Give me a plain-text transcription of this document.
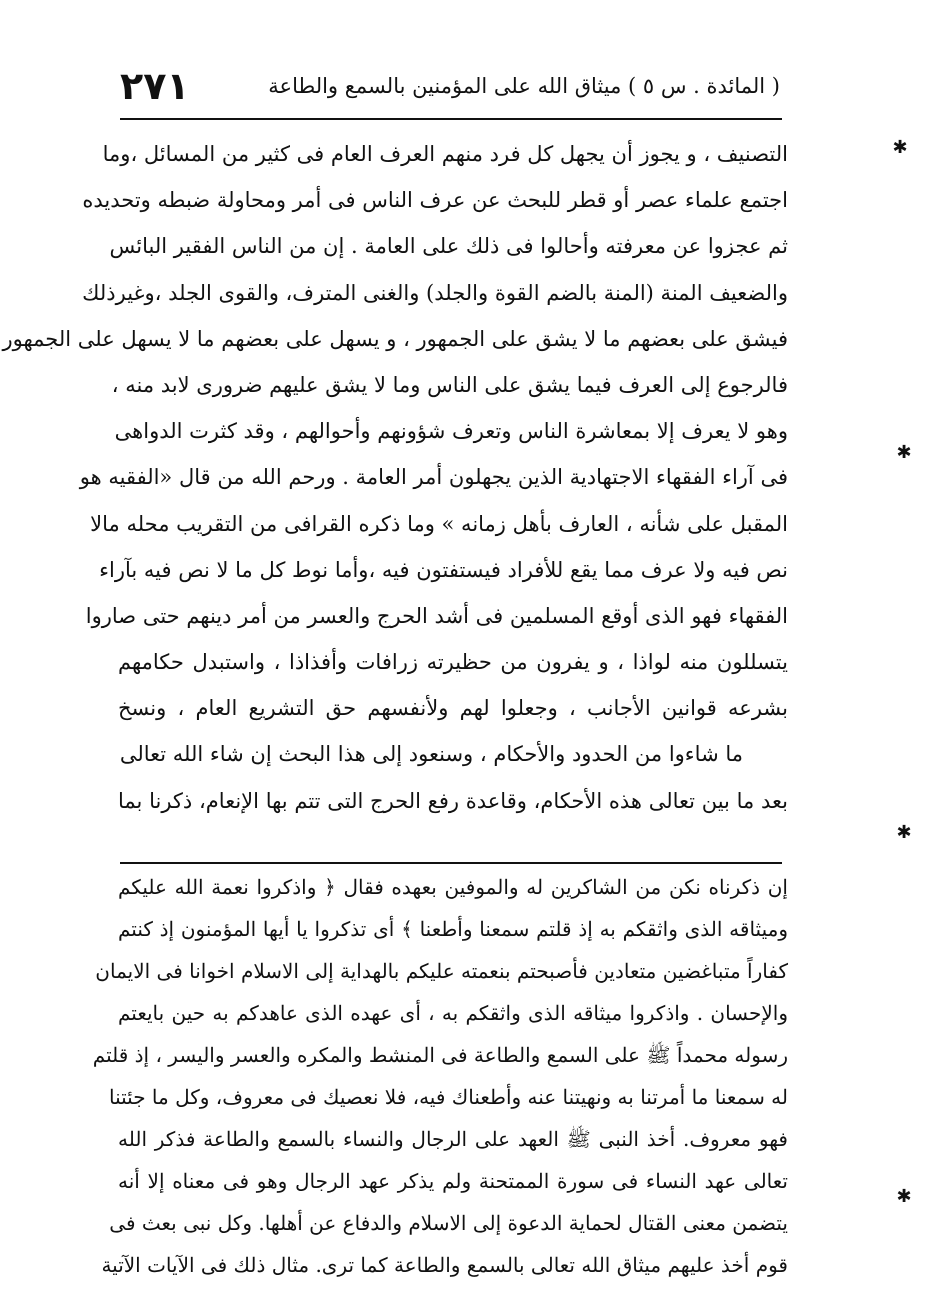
( المائدة . س ٥ ) ميثاق الله على المؤمنين بالسمع والطاعة
٢٧١
التصنيف ، و يجوز أن يجهل كل فرد منهم العرف العام فى كثير من المسائل ،وما
اجتمع علماء عصر أو قطر للبحث عن عرف الناس فى أمر ومحاولة ضبطه وتحديده
ثم عجزوا عن معرفته وأحالوا فى ذلك على العامة . إن من الناس الفقير البائس
والضعيف المنة (المنة بالضم القوة والجلد) والغنى المترف، والقوى الجلد ،وغيرذلك
فيشق على بعضهم ما لا يشق على الجمهور ، و يسهل على بعضهم ما لا يسهل على الجمهور
فالرجوع إلى العرف فيما يشق على الناس وما لا يشق عليهم ضرورى لابد منه ،
وهو لا يعرف إلا بمعاشرة الناس وتعرف شؤونهم وأحوالهم ، وقد كثرت الدواهى
فى آراء الفقهاء الاجتهادية الذين يجهلون أمر العامة . ورحم الله من قال «الفقيه هو
المقبل على شأنه ، العارف بأهل زمانه » وما ذكره القرافى من التقريب محله مالا
نص فيه ولا عرف مما يقع للأفراد فيستفتون فيه ،وأما نوط كل ما لا نص فيه بآراء
الفقهاء فهو الذى أوقع المسلمين فى أشد الحرج والعسر من أمر دينهم حتى صاروا
يتسللون منه لواذا ، و يفرون من حظيرته زرافات وأفذاذا ، واستبدل حكامهم
بشرعه قوانين الأجانب ، وجعلوا لهم ولأنفسهم حق التشريع العام ، ونسخ
ما شاءوا من الحدود والأحكام ، وسنعود إلى هذا البحث إن شاء الله تعالى
بعد ما بين تعالى هذه الأحكام، وقاعدة رفع الحرج التى تتم بها الإنعام، ذكرنا بما
إن ذكرناه نكن من الشاكرين له والموفين بعهده فقال ﴿ واذكروا نعمة الله عليكم
وميثاقه الذى واثقكم به إذ قلتم سمعنا وأطعنا ﴾ أى تذكروا يا أيها المؤمنون إذ كنتم
كفاراً متباغضين متعادين فأصبحتم بنعمته عليكم بالهداية إلى الاسلام اخوانا فى الايمان
والإحسان . واذكروا ميثاقه الذى واثقكم به ، أى عهده الذى عاهدكم به حين بايعتم
رسوله محمداً ﷺ على السمع والطاعة فى المنشط والمكره والعسر واليسر ، إذ قلتم
له سمعنا ما أمرتنا به ونهيتنا عنه وأطعناك فيه، فلا نعصيك فى معروف، وكل ما جئتنا
فهو معروف. أخذ النبى ﷺ العهد على الرجال والنساء بالسمع والطاعة فذكر الله
تعالى عهد النساء فى سورة الممتحنة ولم يذكر عهد الرجال وهو فى معناه إلا أنه
يتضمن معنى القتال لحماية الدعوة إلى الاسلام والدفاع عن أهلها. وكل نبى بعث فى
قوم أخذ عليهم ميثاق الله تعالى بالسمع والطاعة كما ترى. مثال ذلك فى الآيات الآتية
✱
✱
✱
✱
